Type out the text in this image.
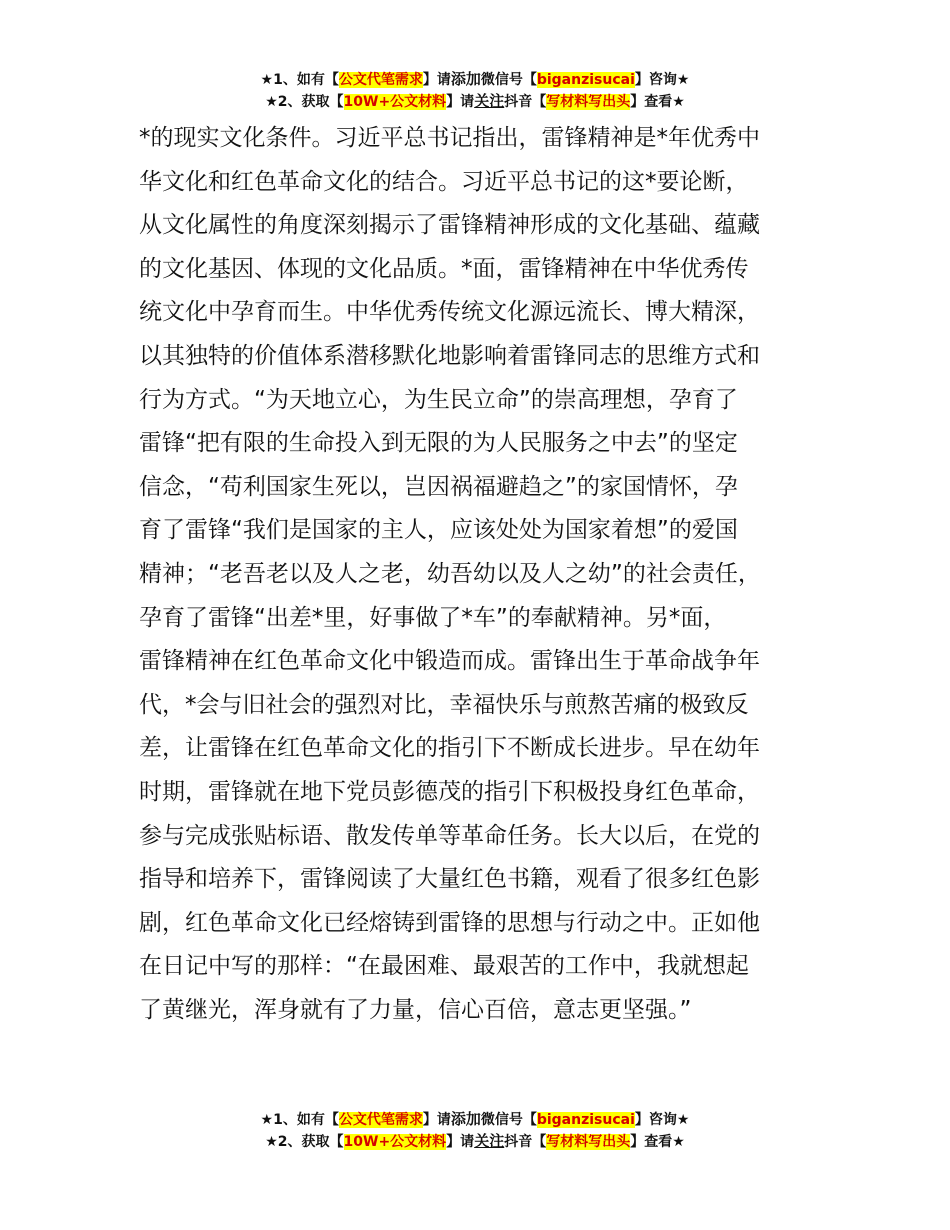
★1、如有【公文代笔需求】请添加微信号【biganzisucai】咨询★
★2、获取【10W+公文材料】请关注抖音【写材料写出头】查看★
*的现实文化条件。习近平总书记指出，雷锋精神是*年优秀中
华文化和红色革命文化的结合。习近平总书记的这*要论断，
从文化属性的角度深刻揭示了雷锋精神形成的文化基础、蕴藏
的文化基因、体现的文化品质。*面，雷锋精神在中华优秀传
统文化中孕育而生。中华优秀传统文化源远流长、博大精深，
以其独特的价值体系潜移默化地影响着雷锋同志的思维方式和
行为方式。“为天地立心，为生民立命”的崇高理想，孕育了
雷锋“把有限的生命投入到无限的为人民服务之中去”的坚定
信念，“苟利国家生死以，岂因祸福避趋之”的家国情怀，孕
育了雷锋“我们是国家的主人，应该处处为国家着想”的爱国
精神；“老吾老以及人之老，幼吾幼以及人之幼”的社会责任，
孕育了雷锋“出差*里，好事做了*车”的奉献精神。另*面，
雷锋精神在红色革命文化中锻造而成。雷锋出生于革命战争年
代，*会与旧社会的强烈对比，幸福快乐与煎熬苦痛的极致反
差，让雷锋在红色革命文化的指引下不断成长进步。早在幼年
时期，雷锋就在地下党员彭德茂的指引下积极投身红色革命，
参与完成张贴标语、散发传单等革命任务。长大以后，在党的
指导和培养下，雷锋阅读了大量红色书籍，观看了很多红色影
剧，红色革命文化已经熔铸到雷锋的思想与行动之中。正如他
在日记中写的那样：“在最困难、最艰苦的工作中，我就想起
了黄继光，浑身就有了力量，信心百倍，意志更坚强。”
★1、如有【公文代笔需求】请添加微信号【biganzisucai】咨询★
★2、获取【10W+公文材料】请关注抖音【写材料写出头】查看★
